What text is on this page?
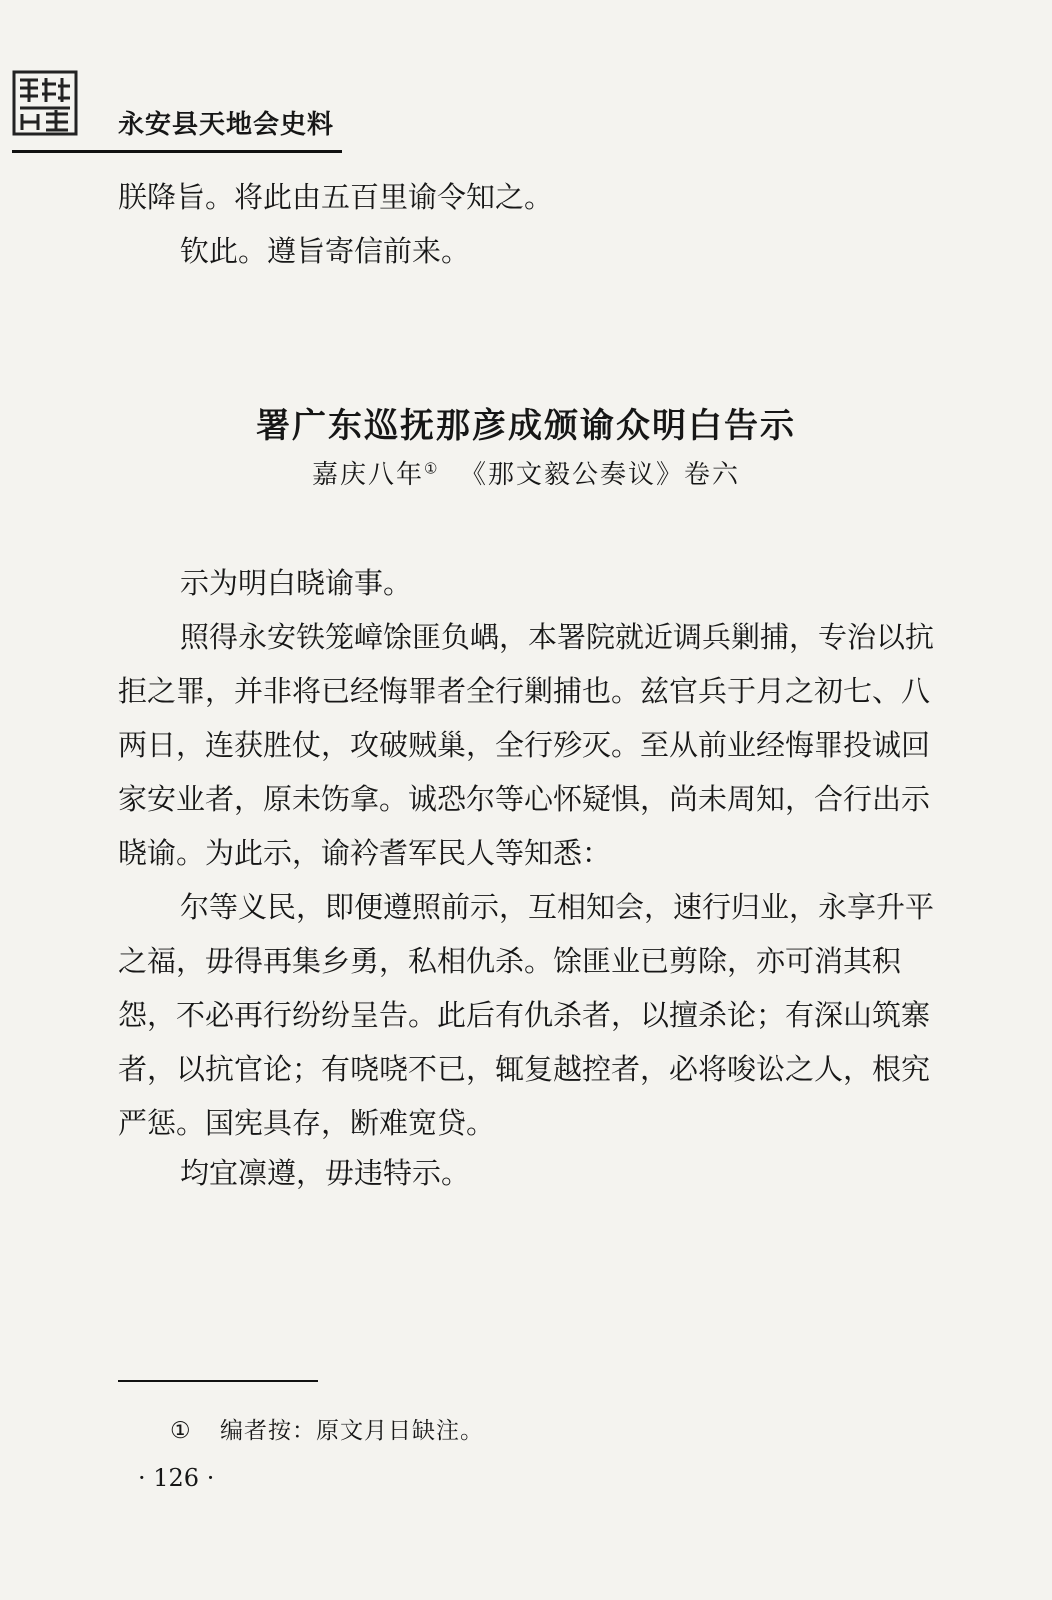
永安县天地会史料
朕降旨。将此由五百里谕令知之。
钦此。遵旨寄信前来。
署广东巡抚那彦成颁谕众明白告示
嘉庆八年① 《那文毅公奏议》卷六
示为明白晓谕事。
照得永安铁笼嶂馀匪负嵎，本署院就近调兵剿捕，专治以抗拒之罪，并非将已经悔罪者全行剿捕也。兹官兵于月之初七、八两日，连获胜仗，攻破贼巢，全行殄灭。至从前业经悔罪投诚回家安业者，原未饬拿。诚恐尔等心怀疑惧，尚未周知，合行出示晓谕。为此示，谕衿耆军民人等知悉：
尔等义民，即便遵照前示，互相知会，速行归业，永享升平之福，毋得再集乡勇，私相仇杀。馀匪业已剪除，亦可消其积怨，不必再行纷纷呈告。此后有仇杀者，以擅杀论；有深山筑寨者，以抗官论；有哓哓不已，辄复越控者，必将唆讼之人，根究严惩。国宪具存，断难宽贷。
均宜凛遵，毋违特示。
① 编者按：原文月日缺注。
· 126 ·
